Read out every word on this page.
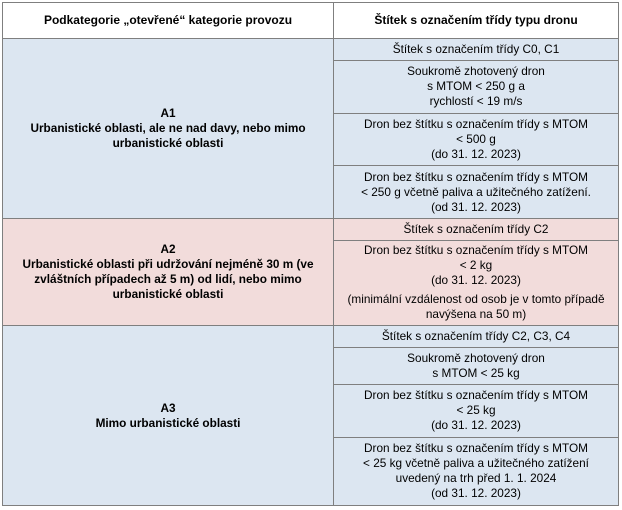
Podkategorie „otevřené“ kategorie provozu	Štítek s označením třídy typu dronu

A1
Urbanistické oblasti, ale ne nad davy, nebo mimo urbanistické oblasti	Štítek s označením třídy C0, C1

	Soukromě zhotovený dron
s MTOM < 250 g a
rychlostí < 19 m/s

	Dron bez štítku s označením třídy s MTOM
< 500 g
(do 31. 12. 2023)

	Dron bez štítku s označením třídy s MTOM
< 250 g včetně paliva a užitečného zatížení.
(od 31. 12. 2023)

A2
Urbanistické oblasti při udržování nejméně 30 m (ve zvláštních případech až 5 m) od lidí, nebo mimo urbanistické oblasti	Štítek s označením třídy C2

	Dron bez štítku s označením třídy s MTOM
< 2 kg
(do 31. 12. 2023)
(minimální vzdálenost od osob je v tomto případě navýšena na 50 m)

A3
Mimo urbanistické oblasti	Štítek s označením třídy C2, C3, C4

	Soukromě zhotovený dron
s MTOM < 25 kg

	Dron bez štítku s označením třídy s MTOM
< 25 kg
(do 31. 12. 2023)

	Dron bez štítku s označením třídy s MTOM
< 25 kg včetně paliva a užitečného zatížení
uvedený na trh před 1. 1. 2024
(od 31. 12. 2023)
